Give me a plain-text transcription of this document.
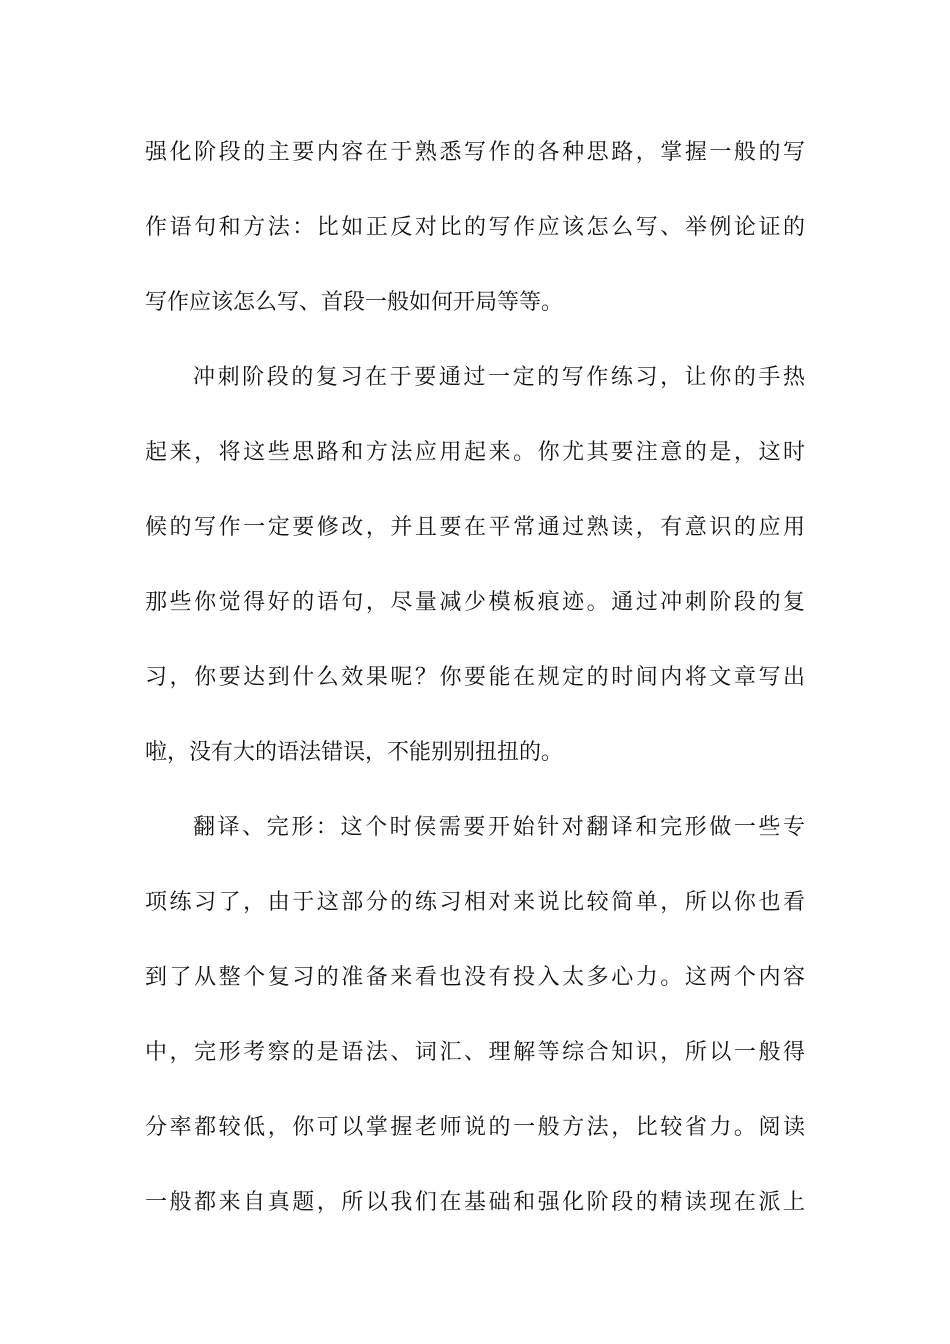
强化阶段的主要内容在于熟悉写作的各种思路，掌握一般的写
作语句和方法：比如正反对比的写作应该怎么写、举例论证的
写作应该怎么写、首段一般如何开局等等。
冲刺阶段的复习在于要通过一定的写作练习，让你的手热
起来，将这些思路和方法应用起来。你尤其要注意的是，这时
候的写作一定要修改，并且要在平常通过熟读，有意识的应用
那些你觉得好的语句，尽量减少模板痕迹。通过冲刺阶段的复
习，你要达到什么效果呢？你要能在规定的时间内将文章写出
啦，没有大的语法错误，不能别别扭扭的。
翻译、完形：这个时侯需要开始针对翻译和完形做一些专
项练习了，由于这部分的练习相对来说比较简单，所以你也看
到了从整个复习的准备来看也没有投入太多心力。这两个内容
中，完形考察的是语法、词汇、理解等综合知识，所以一般得
分率都较低，你可以掌握老师说的一般方法，比较省力。阅读
一般都来自真题，所以我们在基础和强化阶段的精读现在派上
